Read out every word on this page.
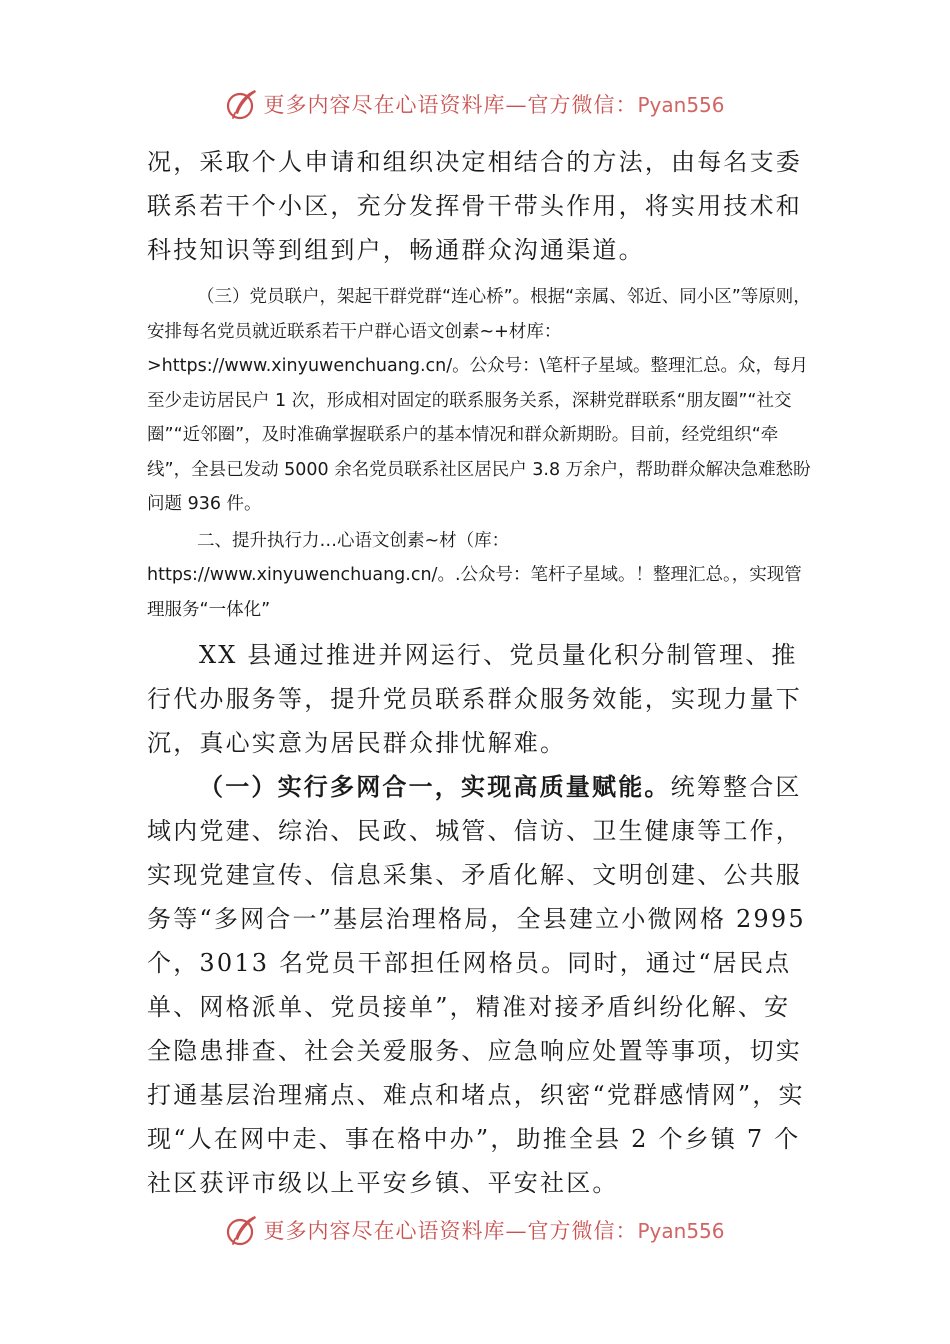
更多内容尽在心语资料库—官方微信：Pyan556

况，采取个人申请和组织决定相结合的方法，由每名支委联系若干个小区，充分发挥骨干带头作用，将实用技术和科技知识等到组到户，畅通群众沟通渠道。

（三）党员联户，架起干群党群“连心桥”。根据“亲属、邻近、同小区”等原则，安排每名党员就近联系若干户群心语文创素~+材库：>https://www.xinyuwenchuang.cn/。公众号：\笔杆子星域。整理汇总。众，每月至少走访居民户 1 次，形成相对固定的联系服务关系，深耕党群联系“朋友圈”“社交圈”“近邻圈”，及时准确掌握联系户的基本情况和群众新期盼。目前，经党组织“牵线”，全县已发动 5000 余名党员联系社区居民户 3.8 万余户，帮助群众解决急难愁盼问题 936 件。

二、提升执行力…心语文创素~材（库：https://www.xinyuwenchuang.cn/。.公众号：笔杆子星域。！整理汇总。，实现管理服务“一体化”

XX 县通过推进并网运行、党员量化积分制管理、推行代办服务等，提升党员联系群众服务效能，实现力量下沉，真心实意为居民群众排忧解难。

（一）实行多网合一，实现高质量赋能。统筹整合区域内党建、综治、民政、城管、信访、卫生健康等工作，实现党建宣传、信息采集、矛盾化解、文明创建、公共服务等“多网合一”基层治理格局，全县建立小微网格 2995 个，3013 名党员干部担任网格员。同时，通过“居民点单、网格派单、党员接单”，精准对接矛盾纠纷化解、安全隐患排查、社会关爱服务、应急响应处置等事项，切实打通基层治理痛点、难点和堵点，织密“党群感情网”，实现“人在网中走、事在格中办”，助推全县 2 个乡镇 7 个社区获评市级以上平安乡镇、平安社区。

更多内容尽在心语资料库—官方微信：Pyan556
